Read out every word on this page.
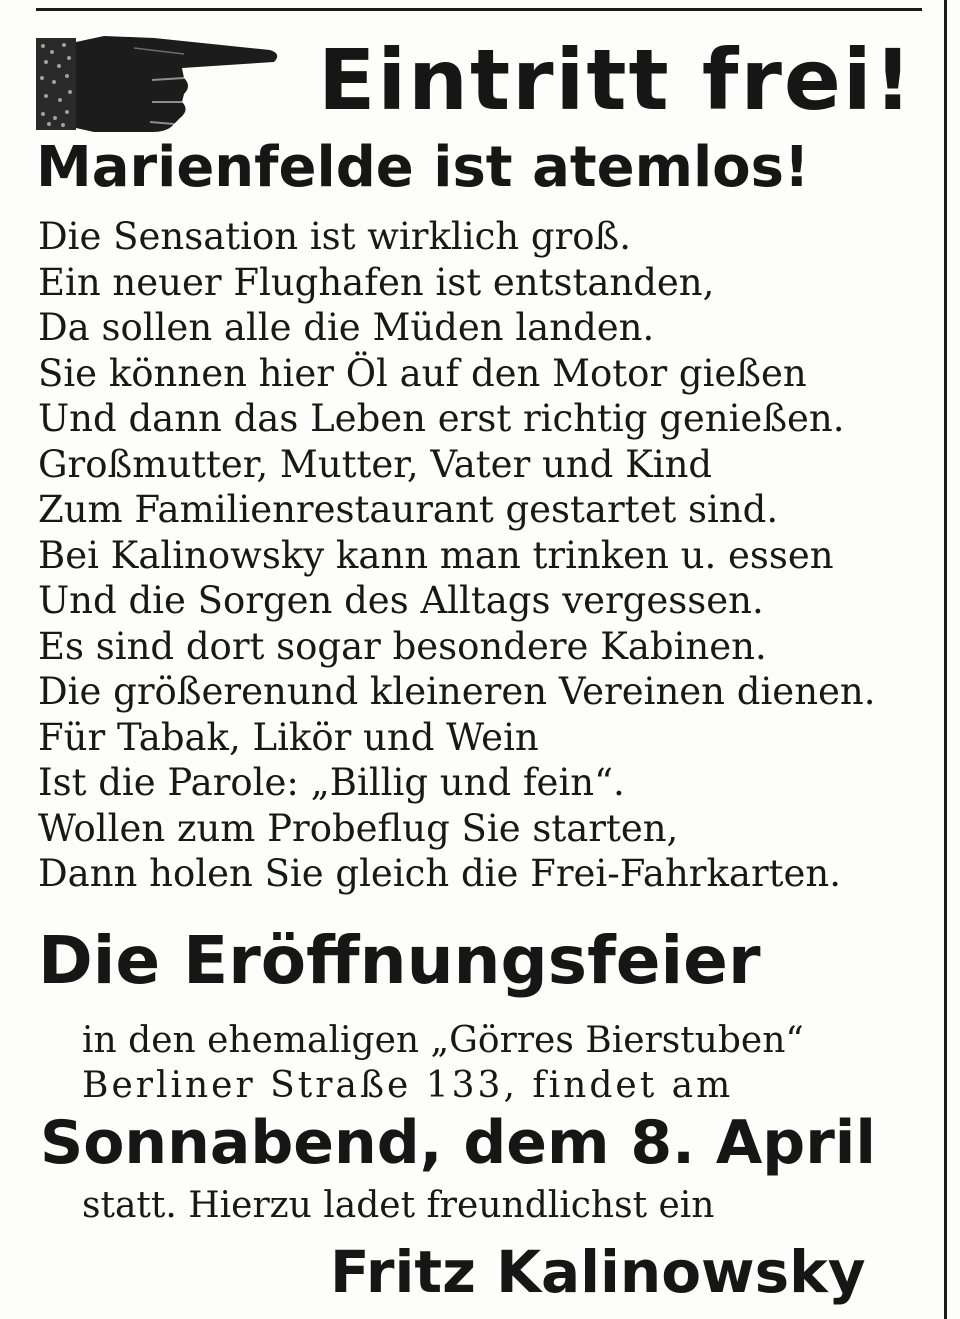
Eintritt frei!
Marienfelde ist atemlos!
Die Sensation ist wirklich groß.
Ein neuer Flughafen ist entstanden,
Da sollen alle die Müden landen.
Sie können hier Öl auf den Motor gießen
Und dann das Leben erst richtig genießen.
Großmutter, Mutter, Vater und Kind
Zum Familienrestaurant gestartet sind.
Bei Kalinowsky kann man trinken u. essen
Und die Sorgen des Alltags vergessen.
Es sind dort sogar besondere Kabinen.
Die größerenund kleineren Vereinen dienen.
Für Tabak, Likör und Wein
Ist die Parole: „Billig und fein“.
Wollen zum Probeflug Sie starten,
Dann holen Sie gleich die Frei-Fahrkarten.
Die Eröffnungsfeier

in den ehemaligen „Görres Bierstuben“

Berliner Straße 133, findet am

Sonnabend, dem 8. April

statt. Hierzu ladet freundlichst ein

Fritz Kalinowsky
